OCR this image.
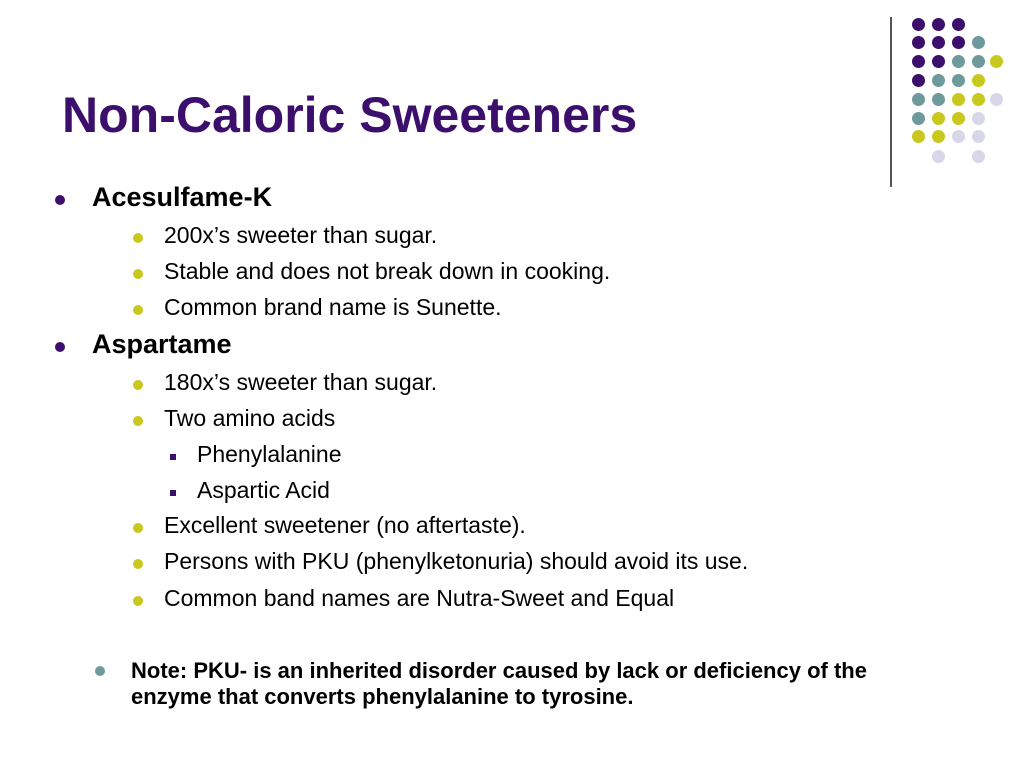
Non-Caloric Sweeteners
Acesulfame-K
200x’s sweeter than sugar.
Stable and does not break down in cooking.
Common brand name is Sunette.
Aspartame
180x’s sweeter than sugar.
Two amino acids
Phenylalanine
Aspartic Acid
Excellent sweetener (no aftertaste).
Persons with PKU (phenylketonuria) should avoid its use.
Common band names are Nutra-Sweet and Equal
Note: PKU- is an inherited disorder caused by lack or deficiency of the enzyme that converts phenylalanine to tyrosine.
